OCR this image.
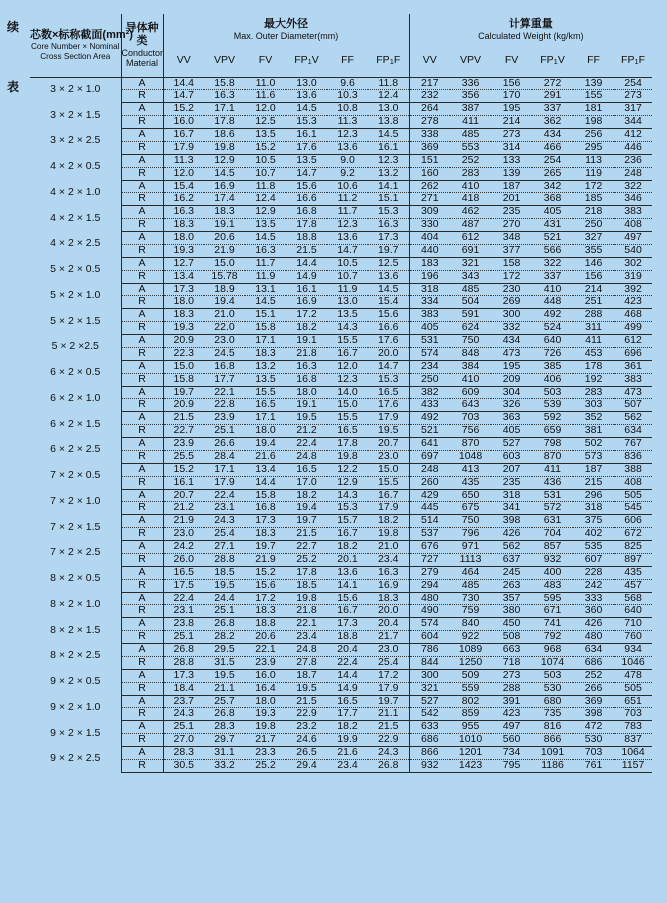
续
表
芯数×标称截面(mm²)
Core Number × Nominal Cross Section Area	导体种类
Conductor Material	最大外径
Max. Outer Diameter(mm)						计算重量
Calculated Weight (kg/km)					

		VV	VPV	FV	$FP_1V$	FF	$FP_1F$	VV	VPV	FV	$FP_1V$	FF	$FP_1F$
3 × 2 × 1.0	A	14.4	15.8	11.0	13.0	9.6	11.8	217	336	156	272	139	254
	R	14.7	16.3	11.6	13.6	10.3	12.4	232	356	170	291	155	273
3 × 2 × 1.5	A	15.2	17.1	12.0	14.5	10.8	13.0	264	387	195	337	181	317
	R	16.0	17.8	12.5	15.3	11.3	13.8	278	411	214	362	198	344
3 × 2 × 2.5	A	16.7	18.6	13.5	16.1	12.3	14.5	338	485	273	434	256	412
	R	17.9	19.8	15.2	17.6	13.6	16.1	369	553	314	466	295	446
4 × 2 × 0.5	A	11.3	12.9	10.5	13.5	9.0	12.3	151	252	133	254	113	236
	R	12.0	14.5	10.7	14.7	9.2	13.2	160	283	139	265	119	248
4 × 2 × 1.0	A	15.4	16.9	11.8	15.6	10.6	14.1	262	410	187	342	172	322
	R	16.2	17.4	12.4	16.6	11.2	15.1	271	418	201	368	185	346
4 × 2 × 1.5	A	16.3	18.3	12.9	16.8	11.7	15.3	309	462	235	405	218	383
	R	18.3	19.1	13.5	17.8	12.3	16.3	330	487	270	431	250	408
4 × 2 × 2.5	A	18.0	20.6	14.5	18.8	13.6	17.3	404	612	348	521	327	497
	R	19.3	21.9	16.3	21.5	14.7	19.7	440	691	377	566	355	540
5 × 2 × 0.5	A	12.7	15.0	11.7	14.4	10.5	12.5	183	321	158	322	146	302
	R	13.4	15.78	11.9	14.9	10.7	13.6	196	343	172	337	156	319
5 × 2 × 1.0	A	17.3	18.9	13.1	16.1	11.9	14.5	318	485	230	410	214	392
	R	18.0	19.4	14.5	16.9	13.0	15.4	334	504	269	448	251	423
5 × 2 × 1.5	A	18.3	21.0	15.1	17.2	13.5	15.6	383	591	300	492	288	468
	R	19.3	22.0	15.8	18.2	14.3	16.6	405	624	332	524	311	499
5 × 2 ×2.5	A	20.9	23.0	17.1	19.1	15.5	17.6	531	750	434	640	411	612
	R	22.3	24.5	18.3	21.8	16.7	20.0	574	848	473	726	453	696
6 × 2 × 0.5	A	15.0	16.8	13.2	16.3	12.0	14.7	234	384	195	385	178	361
	R	15.8	17.7	13.5	16.8	12.3	15.3	250	410	209	406	192	383
6 × 2 × 1.0	A	19.7	22.1	15.5	18.0	14.0	16.5	382	609	304	503	283	473
	R	20.9	22.8	16.5	19.1	15.0	17.6	433	643	326	539	303	507
6 × 2 × 1.5	A	21.5	23.9	17.1	19.5	15.5	17.9	492	703	363	592	352	562
	R	22.7	25.1	18.0	21.2	16.5	19.5	521	756	405	659	381	634
6 × 2 × 2.5	A	23.9	26.6	19.4	22.4	17.8	20.7	641	870	527	798	502	767
	R	25.5	28.4	21.6	24.8	19.8	23.0	697	1048	603	870	573	836
7 × 2 × 0.5	A	15.2	17.1	13.4	16.5	12.2	15.0	248	413	207	411	187	388
	R	16.1	17.9	14.4	17.0	12.9	15.5	260	435	235	436	215	408
7 × 2 × 1.0	A	20.7	22.4	15.8	18.2	14.3	16.7	429	650	318	531	296	505
	R	21.2	23.1	16.8	19.4	15.3	17.9	445	675	341	572	318	545
7 × 2 × 1.5	A	21.9	24.3	17.3	19.7	15.7	18.2	514	750	398	631	375	606
	R	23.0	25.4	18.3	21.5	16.7	19.8	537	796	426	704	402	672
7 × 2 × 2.5	A	24.2	27.1	19.7	22.7	18.2	21.0	676	971	562	857	535	825
	R	26.0	28.8	21.9	25.2	20.1	23.4	727	1113	637	932	607	897
8 × 2 × 0.5	A	16.5	18.5	15.2	17.8	13.6	16.3	279	464	245	400	228	435
	R	17.5	19.5	15.6	18.5	14.1	16.9	294	485	263	483	242	457
8 × 2 × 1.0	A	22.4	24.4	17.2	19.8	15.6	18.3	480	730	357	595	333	568
	R	23.1	25.1	18.3	21.8	16.7	20.0	490	759	380	671	360	640
8 × 2 × 1.5	A	23.8	26.8	18.8	22.1	17.3	20.4	574	840	450	741	426	710
	R	25.1	28.2	20.6	23.4	18.8	21.7	604	922	508	792	480	760
8 × 2 × 2.5	A	26.8	29.5	22.1	24.8	20.4	23.0	786	1089	663	968	634	934
	R	28.8	31.5	23.9	27.8	22.4	25.4	844	1250	718	1074	686	1046
9 × 2 × 0.5	A	17.3	19.5	16.0	18.7	14.4	17.2	300	509	273	503	252	478
	R	18.4	21.1	16.4	19.5	14.9	17.9	321	559	288	530	266	505
9 × 2 × 1.0	A	23.7	25.7	18.0	21.5	16.5	19.7	527	802	391	680	369	651
	R	24.3	26.8	19.3	22.9	17.7	21.1	542	859	423	735	398	703
9 × 2 × 1.5	A	25.1	28.3	19.8	23.2	18.2	21.5	633	955	497	816	472	783
	R	27.0	29.7	21.7	24.6	19.9	22.9	686	1010	560	866	530	837
9 × 2 × 2.5	A	28.3	31.1	23.3	26.5	21.6	24.3	866	1201	734	1091	703	1064
	R	30.5	33.2	25.2	29.4	23.4	26.8	932	1423	795	1186	761	1157
